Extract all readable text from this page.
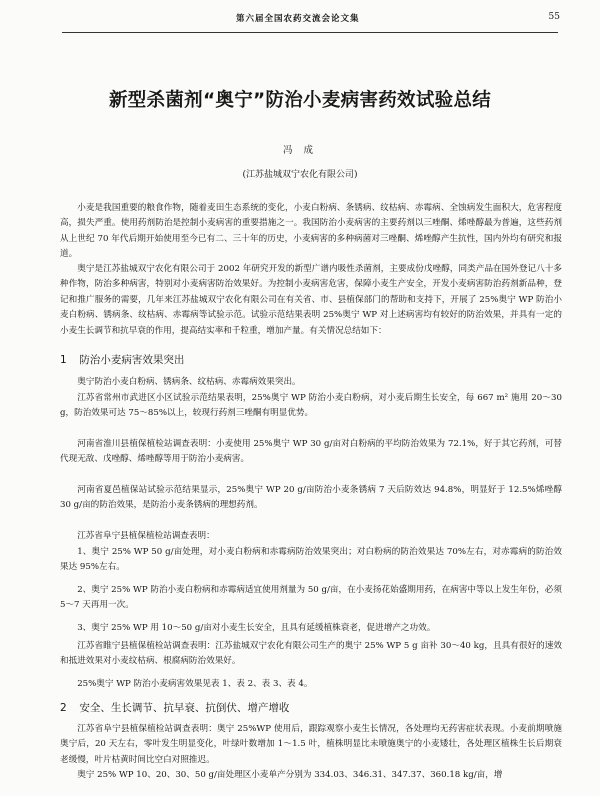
第六届全国农药交流会论文集	55
新型杀菌剂“奥宁”防治小麦病害药效试验总结
冯 成
(江苏盐城双宁农化有限公司)

小麦是我国重要的粮食作物，随着麦田生态系统的变化，小麦白粉病、条锈病、纹枯病、赤霉病、全蚀病发生面积大，危害程度高，损失严重。使用药剂防治是控制小麦病害的重要措施之一。我国防治小麦病害的主要药剂以三唑酮、烯唑醇最为普遍，这些药剂从上世纪 70 年代后期开始使用至今已有二、三十年的历史，小麦病害的多种病菌对三唑酮、烯唑醇产生抗性，国内外均有研究和报道。

奥宁是江苏盐城双宁农化有限公司于 2002 年研究开发的新型广谱内吸性杀菌剂，主要成份戊唑醇，同类产品在国外登记八十多种作物，防治多种病害，特别对小麦病害防治效果好。为控制小麦病害危害，保障小麦生产安全，开发小麦病害防治药剂新品种，登记和推广服务的需要，几年来江苏盐城双宁农化有限公司在有关省、市、县植保部门的帮助和支持下，开展了 25%奥宁 WP 防治小麦白粉病、锈病条、纹枯病、赤霉病等试验示范。试验示范结果表明 25%奥宁 WP 对上述病害均有较好的防治效果，并具有一定的小麦生长调节和抗早衰的作用，提高结实率和千粒重，增加产量。有关情况总结如下：

1 防治小麦病害效果突出

奥宁防治小麦白粉病、锈病条、纹枯病、赤霉病效果突出。

江苏省常州市武进区小区试验示范结果表明，25%奥宁 WP 防治小麦白粉病，对小麦后期生长安全，每 667 m² 施用 20～30 g，防治效果可达 75～85%以上，较现行药剂三唑酮有明显优势。

河南省淮川县植保植检站调查表明：小麦使用 25%奥宁 WP 30 g/亩对白粉病的平均防治效果为 72.1%，好于其它药剂，可替代现无敌、戊唑醇、烯唑醇等用于防治小麦病害。

河南省夏邑植保站试验示范结果显示，25%奥宁 WP 20 g/亩防治小麦条锈病 7 天后防效达 94.8%，明显好于 12.5%烯唑醇 30 g/亩的防治效果，是防治小麦条锈病的理想药剂。

江苏省阜宁县植保植检站调查表明：

1、奥宁 25% WP 50 g/亩处理，对小麦白粉病和赤霉病防治效果突出；对白粉病的防治效果达 70%左右，对赤霉病的防治效果达 95%左右。

2、奥宁 25% WP 防治小麦白粉病和赤霉病适宜使用剂量为 50 g/亩，在小麦扬花始盛期用药，在病害中等以上发生年份，必须 5～7 天再用一次。

3、奥宁 25% WP 用 10～50 g/亩对小麦生长安全，且具有延缓植株衰老，促进增产之功效。

江苏省睢宁县植保植检站调查表明：江苏盐城双宁农化有限公司生产的奥宁 25% WP 5 g 亩补 30～40 kg，且具有很好的速效和抵进效果对小麦纹枯病、根腐病防治效果好。

25%奥宁 WP 防治小麦病害效果见表 1、表 2、表 3、表 4。

2 安全、生长调节、抗早衰、抗倒伏、增产增收

江苏省阜宁县植保植检站调查表明：奥宁 25%WP 使用后，跟踪观察小麦生长情况，各处理均无药害症状表现。小麦前期喷施奥宁后，20 天左右，零叶发生明显变化，叶绿叶数增加 1～1.5 叶，植株明显比未喷施奥宁的小麦矮壮，各处理区植株生长后期衰老缓慢，叶片枯黄时间比空白对照推迟。

奥宁 25% WP 10、20、30、50 g/亩处理区小麦单产分别为 334.03、346.31、347.37、360.18 kg/亩，增
